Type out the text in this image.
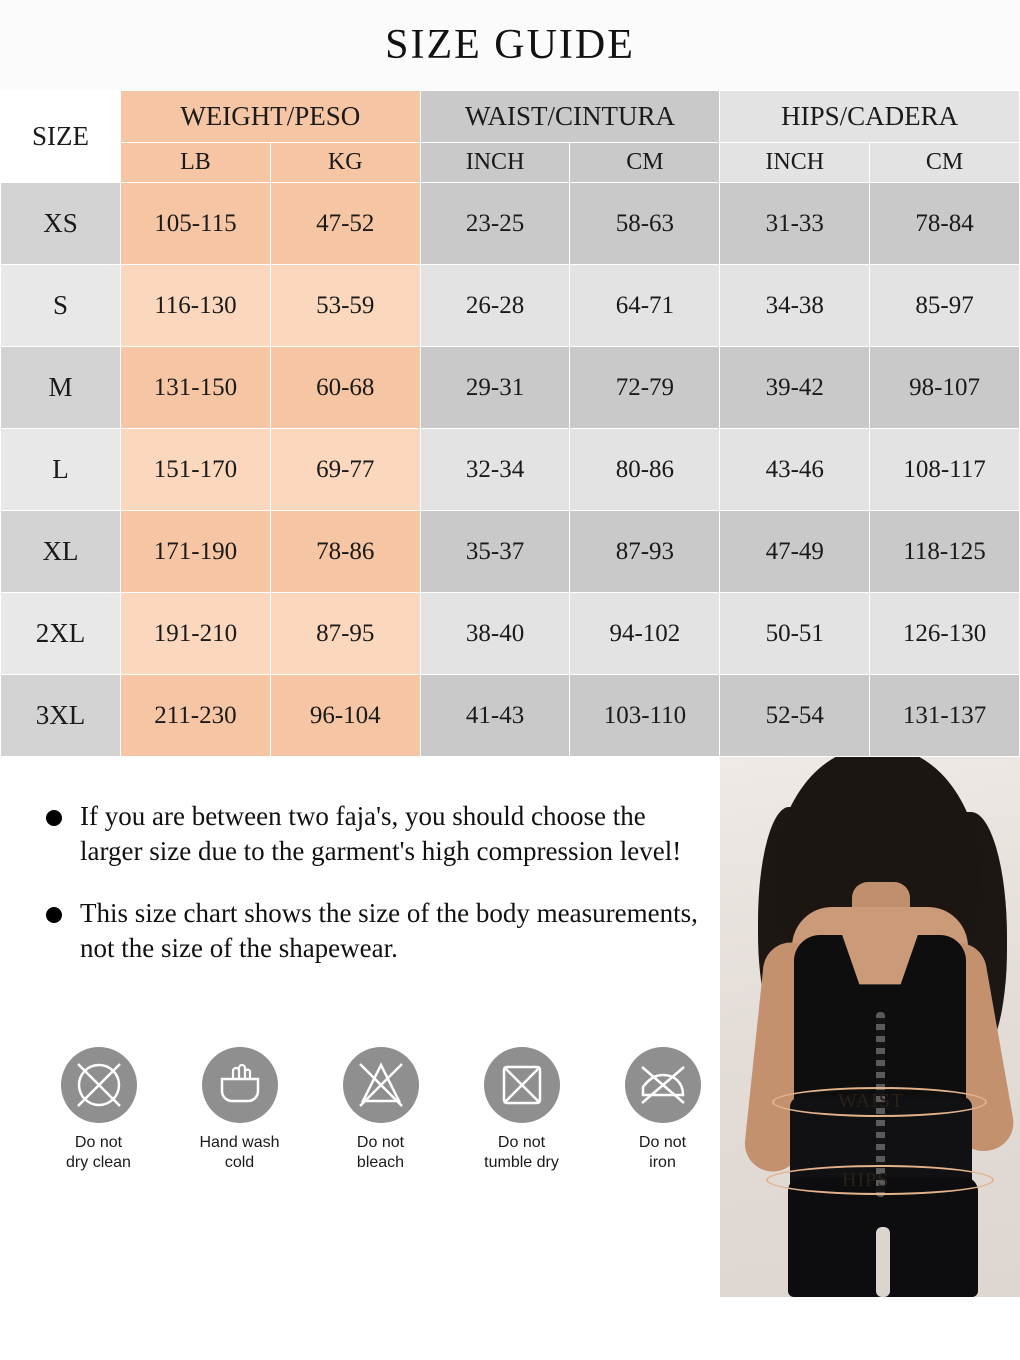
SIZE GUIDE
SIZE	WEIGHT/PESO		WAIST/CINTURA		HIPS/CADERA	
	LB	KG	INCH	CM	INCH	CM
XS	105-115	47-52	23-25	58-63	31-33	78-84
S	116-130	53-59	26-28	64-71	34-38	85-97
M	131-150	60-68	29-31	72-79	39-42	98-107
L	151-170	69-77	32-34	80-86	43-46	108-117
XL	171-190	78-86	35-37	87-93	47-49	118-125
2XL	191-210	87-95	38-40	94-102	50-51	126-130
3XL	211-230	96-104	41-43	103-110	52-54	131-137
If you are between two faja's, you should choose the larger size due to the garment's high compression level!
This size chart shows the size of the body measurements, not the size of the shapewear.
Do not
dry clean
Hand wash
cold
Do not
bleach
Do not
tumble dry
Do not
iron
WAIST
HIPS
